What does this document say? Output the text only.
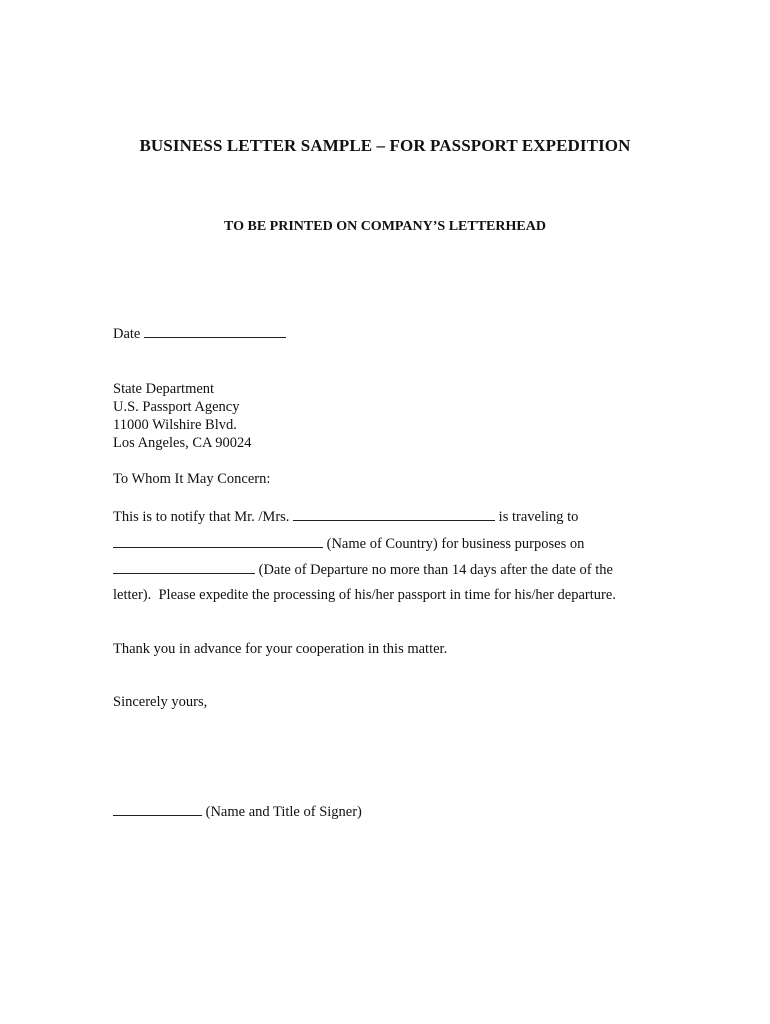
BUSINESS LETTER SAMPLE – FOR PASSPORT EXPEDITION
TO BE PRINTED ON COMPANY’S LETTERHEAD
Date
State Department
U.S. Passport Agency
11000 Wilshire Blvd.
Los Angeles, CA 90024
To Whom It May Concern:
This is to notify that Mr. /Mrs.	is traveling to
(Name of Country) for business purposes on
(Date of Departure no more than 14 days after the date of the
letter).  Please expedite the processing of his/her passport in time for his/her departure.
Thank you in advance for your cooperation in this matter.
Sincerely yours,
(Name and Title of Signer)
